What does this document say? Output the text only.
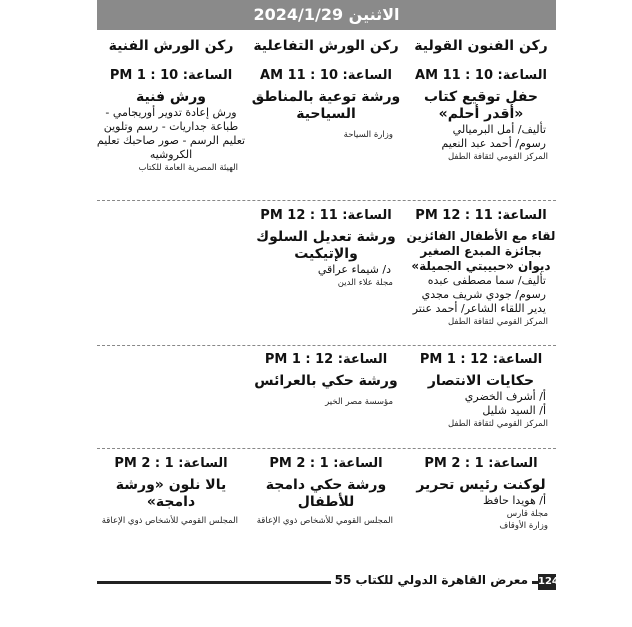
الاثنين 2024/1/29
ركن الفنون القولية
ركن الورش التفاعلية
ركن الورش الفنية
الساعة: 10 : 11 AM
حفل توقيع كتاب «أقدر أحلم»
تأليف/ أمل البرميالي
رسوم/ أحمد عبد النعيم
المركز القومي لثقافة الطفل
الساعة: 10 : 11 AM
ورشة توعية بالمناطق السياحية
وزارة السياحة
الساعة: 10 : 1 PM
ورش فنية
ورش إعادة تدوير أوريجامي - طباعة جداريات - رسم وتلوين تعليم الرسم - صور صاحبك تعليم الكروشيه
الهيئة المصرية العامة للكتاب
الساعة: 11 : 12 PM
لقاء مع الأطفال الفائزين بجائزة المبدع الصغير ديوان «حبيبتي الجميلة»
تأليف/ سما مصطفى عبده
رسوم/ جودي شريف مجدي
يدير اللقاء الشاعر/ أحمد عنتر
المركز القومي لثقافة الطفل
الساعة: 11 : 12 PM
ورشة تعديل السلوك والإتيكيت
د/ شيماء عراقي
مجلة علاء الدين
الساعة: 12 : 1 PM
حكايات الانتصار
أ/ أشرف الخضري
أ/ السيد شليل
المركز القومي لثقافة الطفل
الساعة: 12 : 1 PM
ورشة حكي بالعرائس
مؤسسة مصر الخير
الساعة: 1 : 2 PM
لوكنت رئيس تحرير
أ/ هويدا حافظ
مجلة قارس
وزارة الأوقاف
الساعة: 1 : 2 PM
ورشة حكي دامجة للأطفال
المجلس القومي للأشخاص ذوي الإعاقة
الساعة: 1 : 2 PM
يالا نلون «ورشة دامجة»
المجلس القومي للأشخاص ذوي الإعاقة
معرض القاهرة الدولي للكتاب 55	124
